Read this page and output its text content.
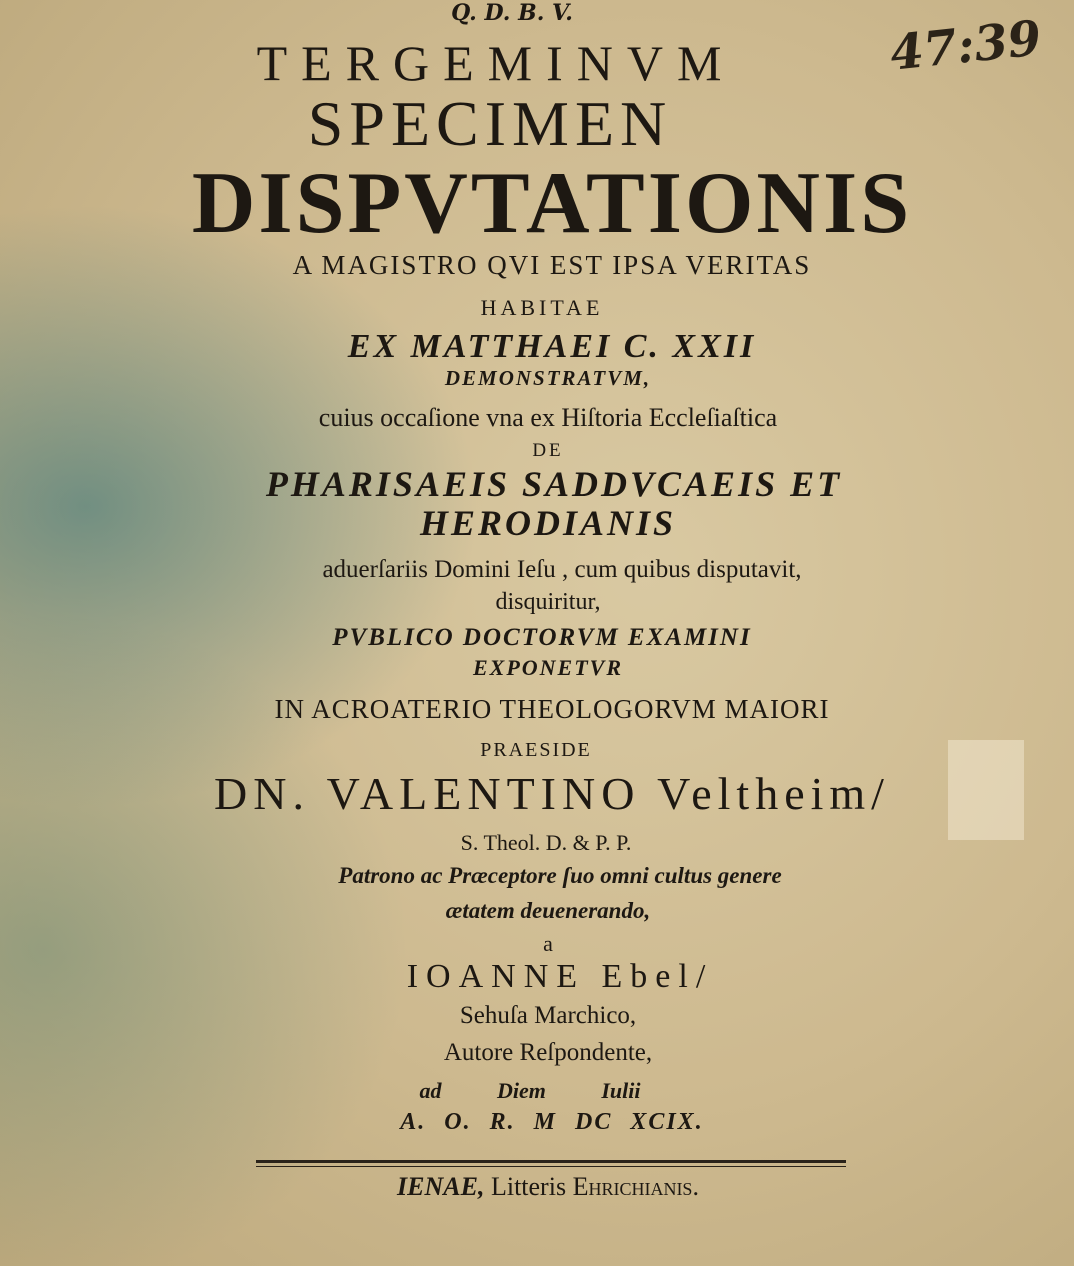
Q. D. B. V.
TERGEMINVM
SPECIMEN
DISPVTATIONIS
A MAGISTRO QVI EST IPSA VERITAS
HABITAE
EX MATTHAEI C. XXII
DEMONSTRATVM,
cuius occaſione vna ex Hiſtoria Eccleſiaſtica
DE
PHARISAEIS SADDVCAEIS ET
HERODIANIS
aduerſariis Domini Ieſu , cum quibus disputavit,
disquiritur,
PVBLICO DOCTORVM EXAMINI
EXPONETVR
IN ACROATERIO THEOLOGORVM MAIORI
PRAESIDE
DN. VALENTINO Veltheim/
S. Theol. D. & P. P.
Patrono ac Præceptore ſuo omni cultus genere
ætatem deuenerando,
a
IOANNE Ebel/
Sehuſa Marchico,
Autore Reſpondente,
ad Diem Iulii
A. O. R. M DC XCIX.
IENAE, Litteris Ehrichianis.
47:39
